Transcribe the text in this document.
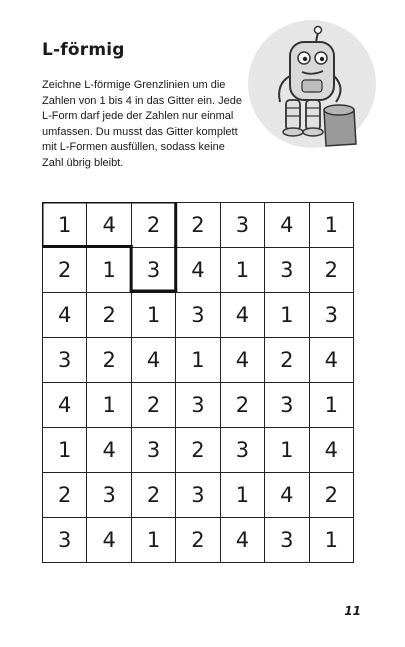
L-förmig
Zeichne L-förmige Grenzlinien um die Zahlen von 1 bis 4 in das Gitter ein. Jede L-Form darf jede der Zahlen nur einmal umfassen. Du musst das Gitter komplett mit L-Formen ausfüllen, sodass keine Zahl übrig bleibt.
1	4	2	2	3	4	1
2	1	3	4	1	3	2
4	2	1	3	4	1	3
3	2	4	1	4	2	4
4	1	2	3	2	3	1
1	4	3	2	3	1	4
2	3	2	3	1	4	2
3	4	1	2	4	3	1
11
